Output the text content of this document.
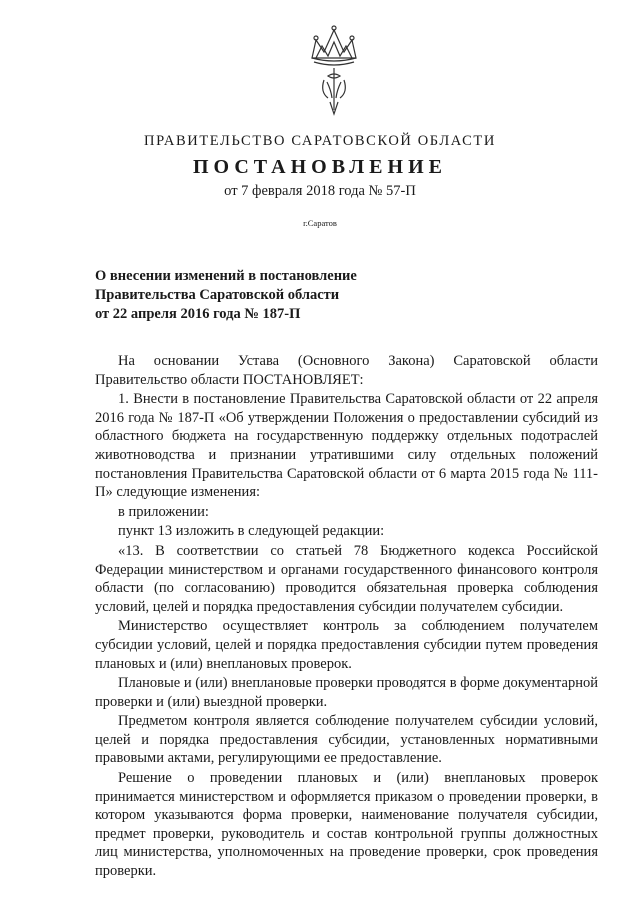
ПРАВИТЕЛЬСТВО САРАТОВСКОЙ ОБЛАСТИ
ПОСТАНОВЛЕНИЕ
от 7 февраля 2018 года № 57-П
г.Саратов
О внесении изменений в постановление
Правительства Саратовской области
от 22 апреля 2016 года № 187-П

На основании Устава (Основного Закона) Саратовской области Правительство области ПОСТАНОВЛЯЕТ:

1. Внести в постановление Правительства Саратовской области от 22 апреля 2016 года № 187-П «Об утверждении Положения о предоставлении субсидий из областного бюджета на государственную поддержку отдельных подотраслей животноводства и признании утратившими силу отдельных положений постановления Правительства Саратовской области от 6 марта 2015 года № 111-П» следующие изменения:

в приложении:

пункт 13 изложить в следующей редакции:

«13. В соответствии со статьей 78 Бюджетного кодекса Российской Федерации министерством и органами государственного финансового контроля области (по согласованию) проводится обязательная проверка соблюдения условий, целей и порядка предоставления субсидии получателем субсидии.

Министерство осуществляет контроль за соблюдением получателем субсидии условий, целей и порядка предоставления субсидии путем проведения плановых и (или) внеплановых проверок.

Плановые и (или) внеплановые проверки проводятся в форме документарной проверки и (или) выездной проверки.

Предметом контроля является соблюдение получателем субсидии условий, целей и порядка предоставления субсидии, установленных нормативными правовыми актами, регулирующими ее предоставление.

Решение о проведении плановых и (или) внеплановых проверок принимается министерством и оформляется приказом о проведении проверки, в котором указываются форма проверки, наименование получателя субсидии, предмет проверки, руководитель и состав контрольной группы должностных лиц министерства, уполномоченных на проведение проверки, срок проведения проверки.
